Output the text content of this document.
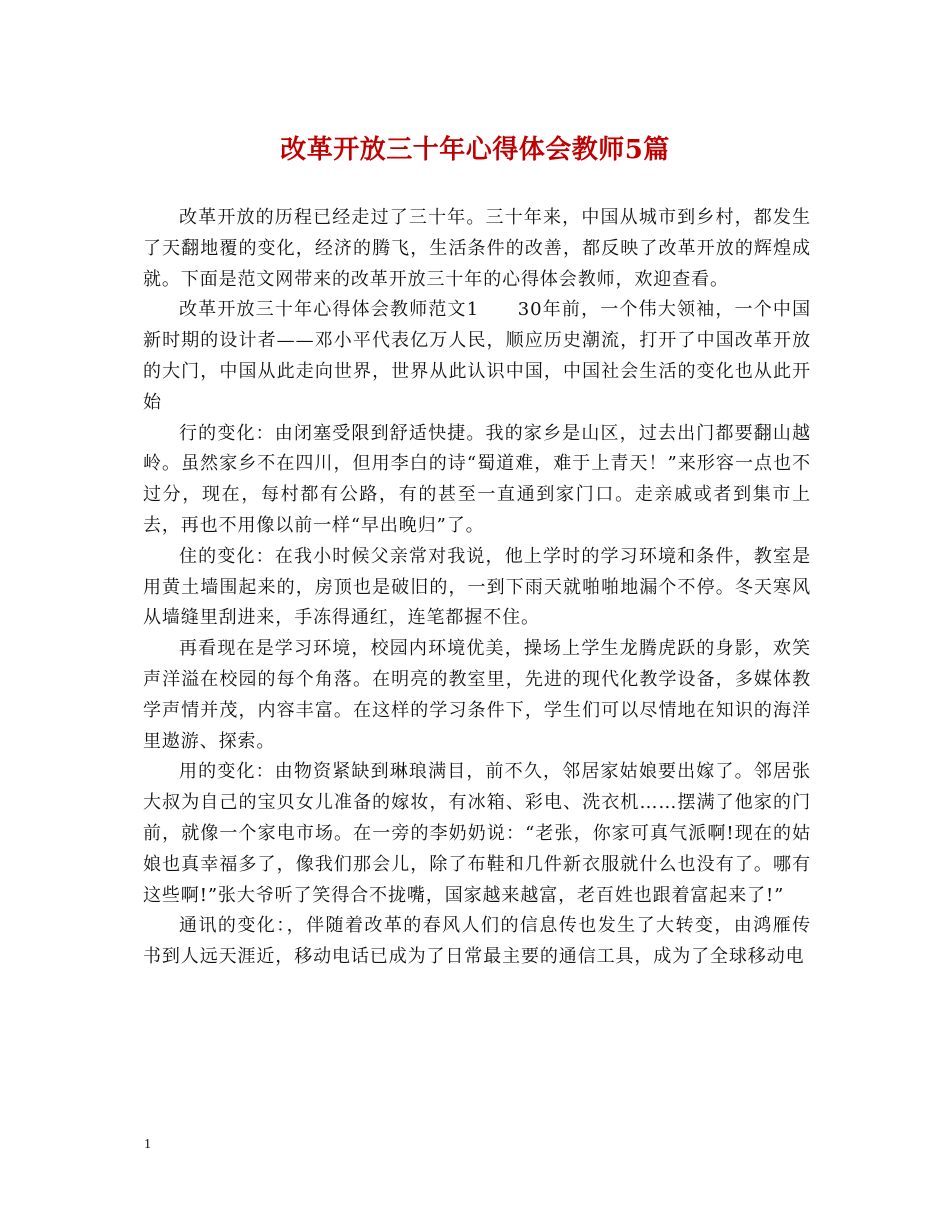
改革开放三十年心得体会教师5篇

改革开放的历程已经走过了三十年。三十年来，中国从城市到乡村，都发生了天翻地覆的变化，经济的腾飞，生活条件的改善，都反映了改革开放的辉煌成就。下面是范文网带来的改革开放三十年的心得体会教师，欢迎查看。

改革开放三十年心得体会教师范文1　　30年前，一个伟大领袖，一个中国新时期的设计者——邓小平代表亿万人民，顺应历史潮流，打开了中国改革开放的大门，中国从此走向世界，世界从此认识中国，中国社会生活的变化也从此开始

行的变化：由闭塞受限到舒适快捷。我的家乡是山区，过去出门都要翻山越岭。虽然家乡不在四川，但用李白的诗“蜀道难，难于上青天！”来形容一点也不过分，现在，每村都有公路，有的甚至一直通到家门口。走亲戚或者到集市上去，再也不用像以前一样“早出晚归”了。

住的变化：在我小时候父亲常对我说，他上学时的学习环境和条件，教室是用黄土墙围起来的，房顶也是破旧的，一到下雨天就啪啪地漏个不停。冬天寒风从墙缝里刮进来，手冻得通红，连笔都握不住。

再看现在是学习环境，校园内环境优美，操场上学生龙腾虎跃的身影，欢笑声洋溢在校园的每个角落。在明亮的教室里，先进的现代化教学设备，多媒体教学声情并茂，内容丰富。在这样的学习条件下，学生们可以尽情地在知识的海洋里遨游、探索。

用的变化：由物资紧缺到琳琅满目，前不久，邻居家姑娘要出嫁了。邻居张大叔为自己的宝贝女儿准备的嫁妆，有冰箱、彩电、洗衣机……摆满了他家的门前，就像一个家电市场。在一旁的李奶奶说：“老张，你家可真气派啊!现在的姑娘也真幸福多了，像我们那会儿，除了布鞋和几件新衣服就什么也没有了。哪有这些啊!”张大爷听了笑得合不拢嘴，国家越来越富，老百姓也跟着富起来了!”

通讯的变化：，伴随着改革的春风人们的信息传也发生了大转变，由鸿雁传书到人远天涯近，移动电话已成为了日常最主要的通信工具，成为了全球移动电

1
